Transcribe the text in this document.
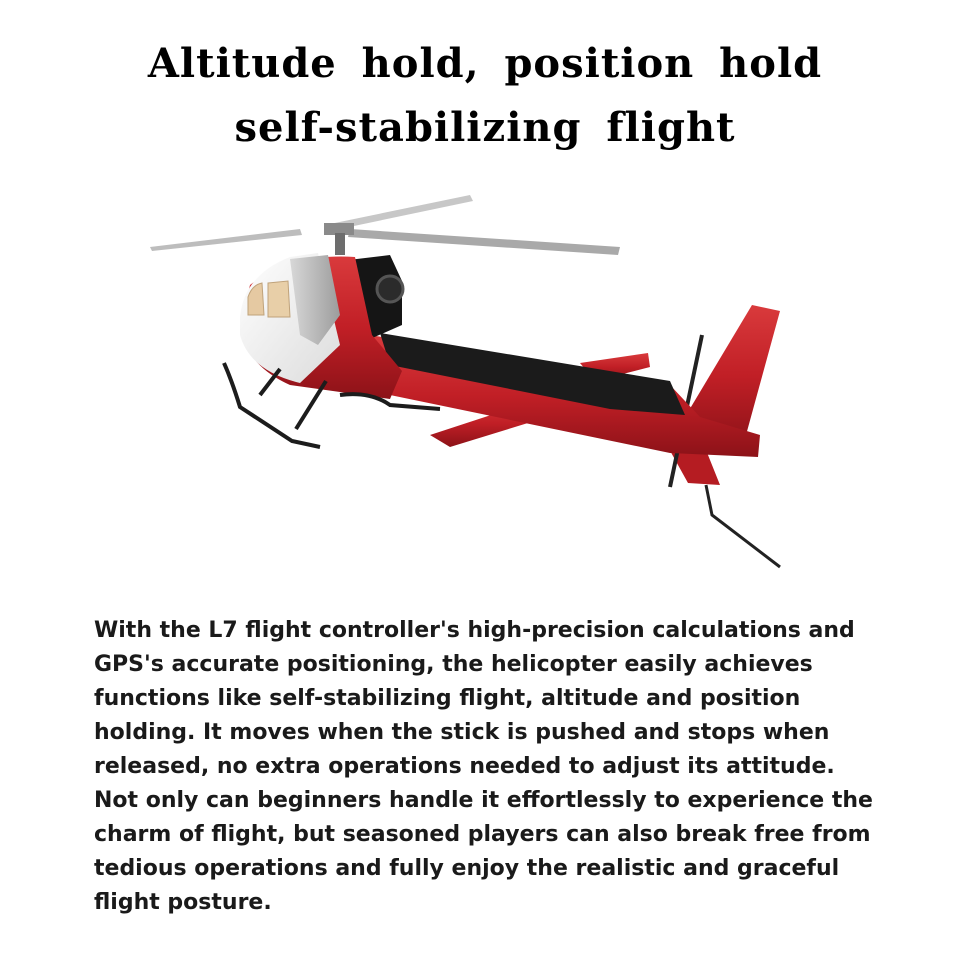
Altitude hold, position hold
self-stabilizing flight
With the L7 flight controller's high-precision calculations and
GPS's accurate positioning, the helicopter easily achieves
functions like self-stabilizing flight, altitude and position
holding. It moves when the stick is pushed and stops when
released, no extra operations needed to adjust its attitude.
Not only can beginners handle it effortlessly to experience the
charm of flight, but seasoned players can also break free from
tedious operations and fully enjoy the realistic and graceful
flight posture.
